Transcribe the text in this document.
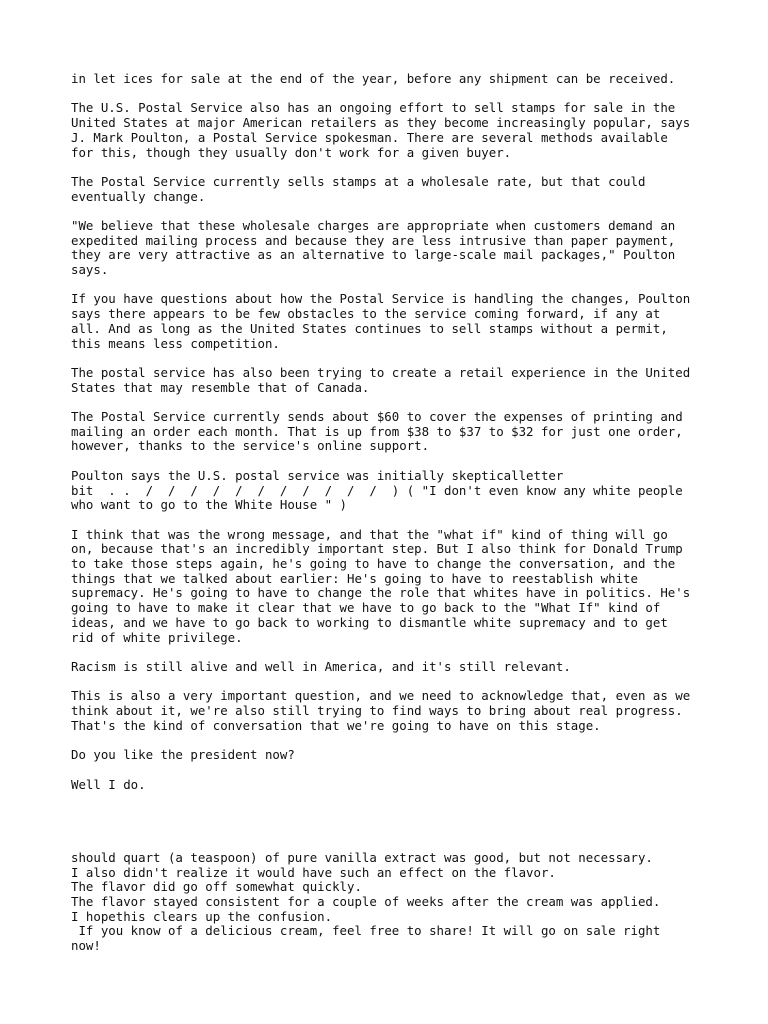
in let ices for sale at the end of the year, before any shipment can be received.

The U.S. Postal Service also has an ongoing effort to sell stamps for sale in the
United States at major American retailers as they become increasingly popular, says
J. Mark Poulton, a Postal Service spokesman. There are several methods available
for this, though they usually don't work for a given buyer.

The Postal Service currently sells stamps at a wholesale rate, but that could
eventually change.

"We believe that these wholesale charges are appropriate when customers demand an
expedited mailing process and because they are less intrusive than paper payment,
they are very attractive as an alternative to large-scale mail packages," Poulton
says.

If you have questions about how the Postal Service is handling the changes, Poulton
says there appears to be few obstacles to the service coming forward, if any at
all. And as long as the United States continues to sell stamps without a permit,
this means less competition.

The postal service has also been trying to create a retail experience in the United
States that may resemble that of Canada.

The Postal Service currently sends about $60 to cover the expenses of printing and
mailing an order each month. That is up from $38 to $37 to $32 for just one order,
however, thanks to the service's online support.

Poulton says the U.S. postal service was initially skepticalletter
bit  . .  /  /  /  /  /  /  /  /  /  /  /  ) ( "I don't even know any white people
who want to go to the White House " )

I think that was the wrong message, and that the "what if" kind of thing will go
on, because that's an incredibly important step. But I also think for Donald Trump
to take those steps again, he's going to have to change the conversation, and the
things that we talked about earlier: He's going to have to reestablish white
supremacy. He's going to have to change the role that whites have in politics. He's
going to have to make it clear that we have to go back to the "What If" kind of
ideas, and we have to go back to working to dismantle white supremacy and to get
rid of white privilege.

Racism is still alive and well in America, and it's still relevant.

This is also a very important question, and we need to acknowledge that, even as we
think about it, we're also still trying to find ways to bring about real progress.
That's the kind of conversation that we're going to have on this stage.

Do you like the president now?

Well I do.

should quart (a teaspoon) of pure vanilla extract was good, but not necessary.

I also didn't realize it would have such an effect on the flavor.

The flavor did go off somewhat quickly.

The flavor stayed consistent for a couple of weeks after the cream was applied.

I hopethis clears up the confusion.

If you know of a delicious cream, feel free to share! It will go on sale right
now!
